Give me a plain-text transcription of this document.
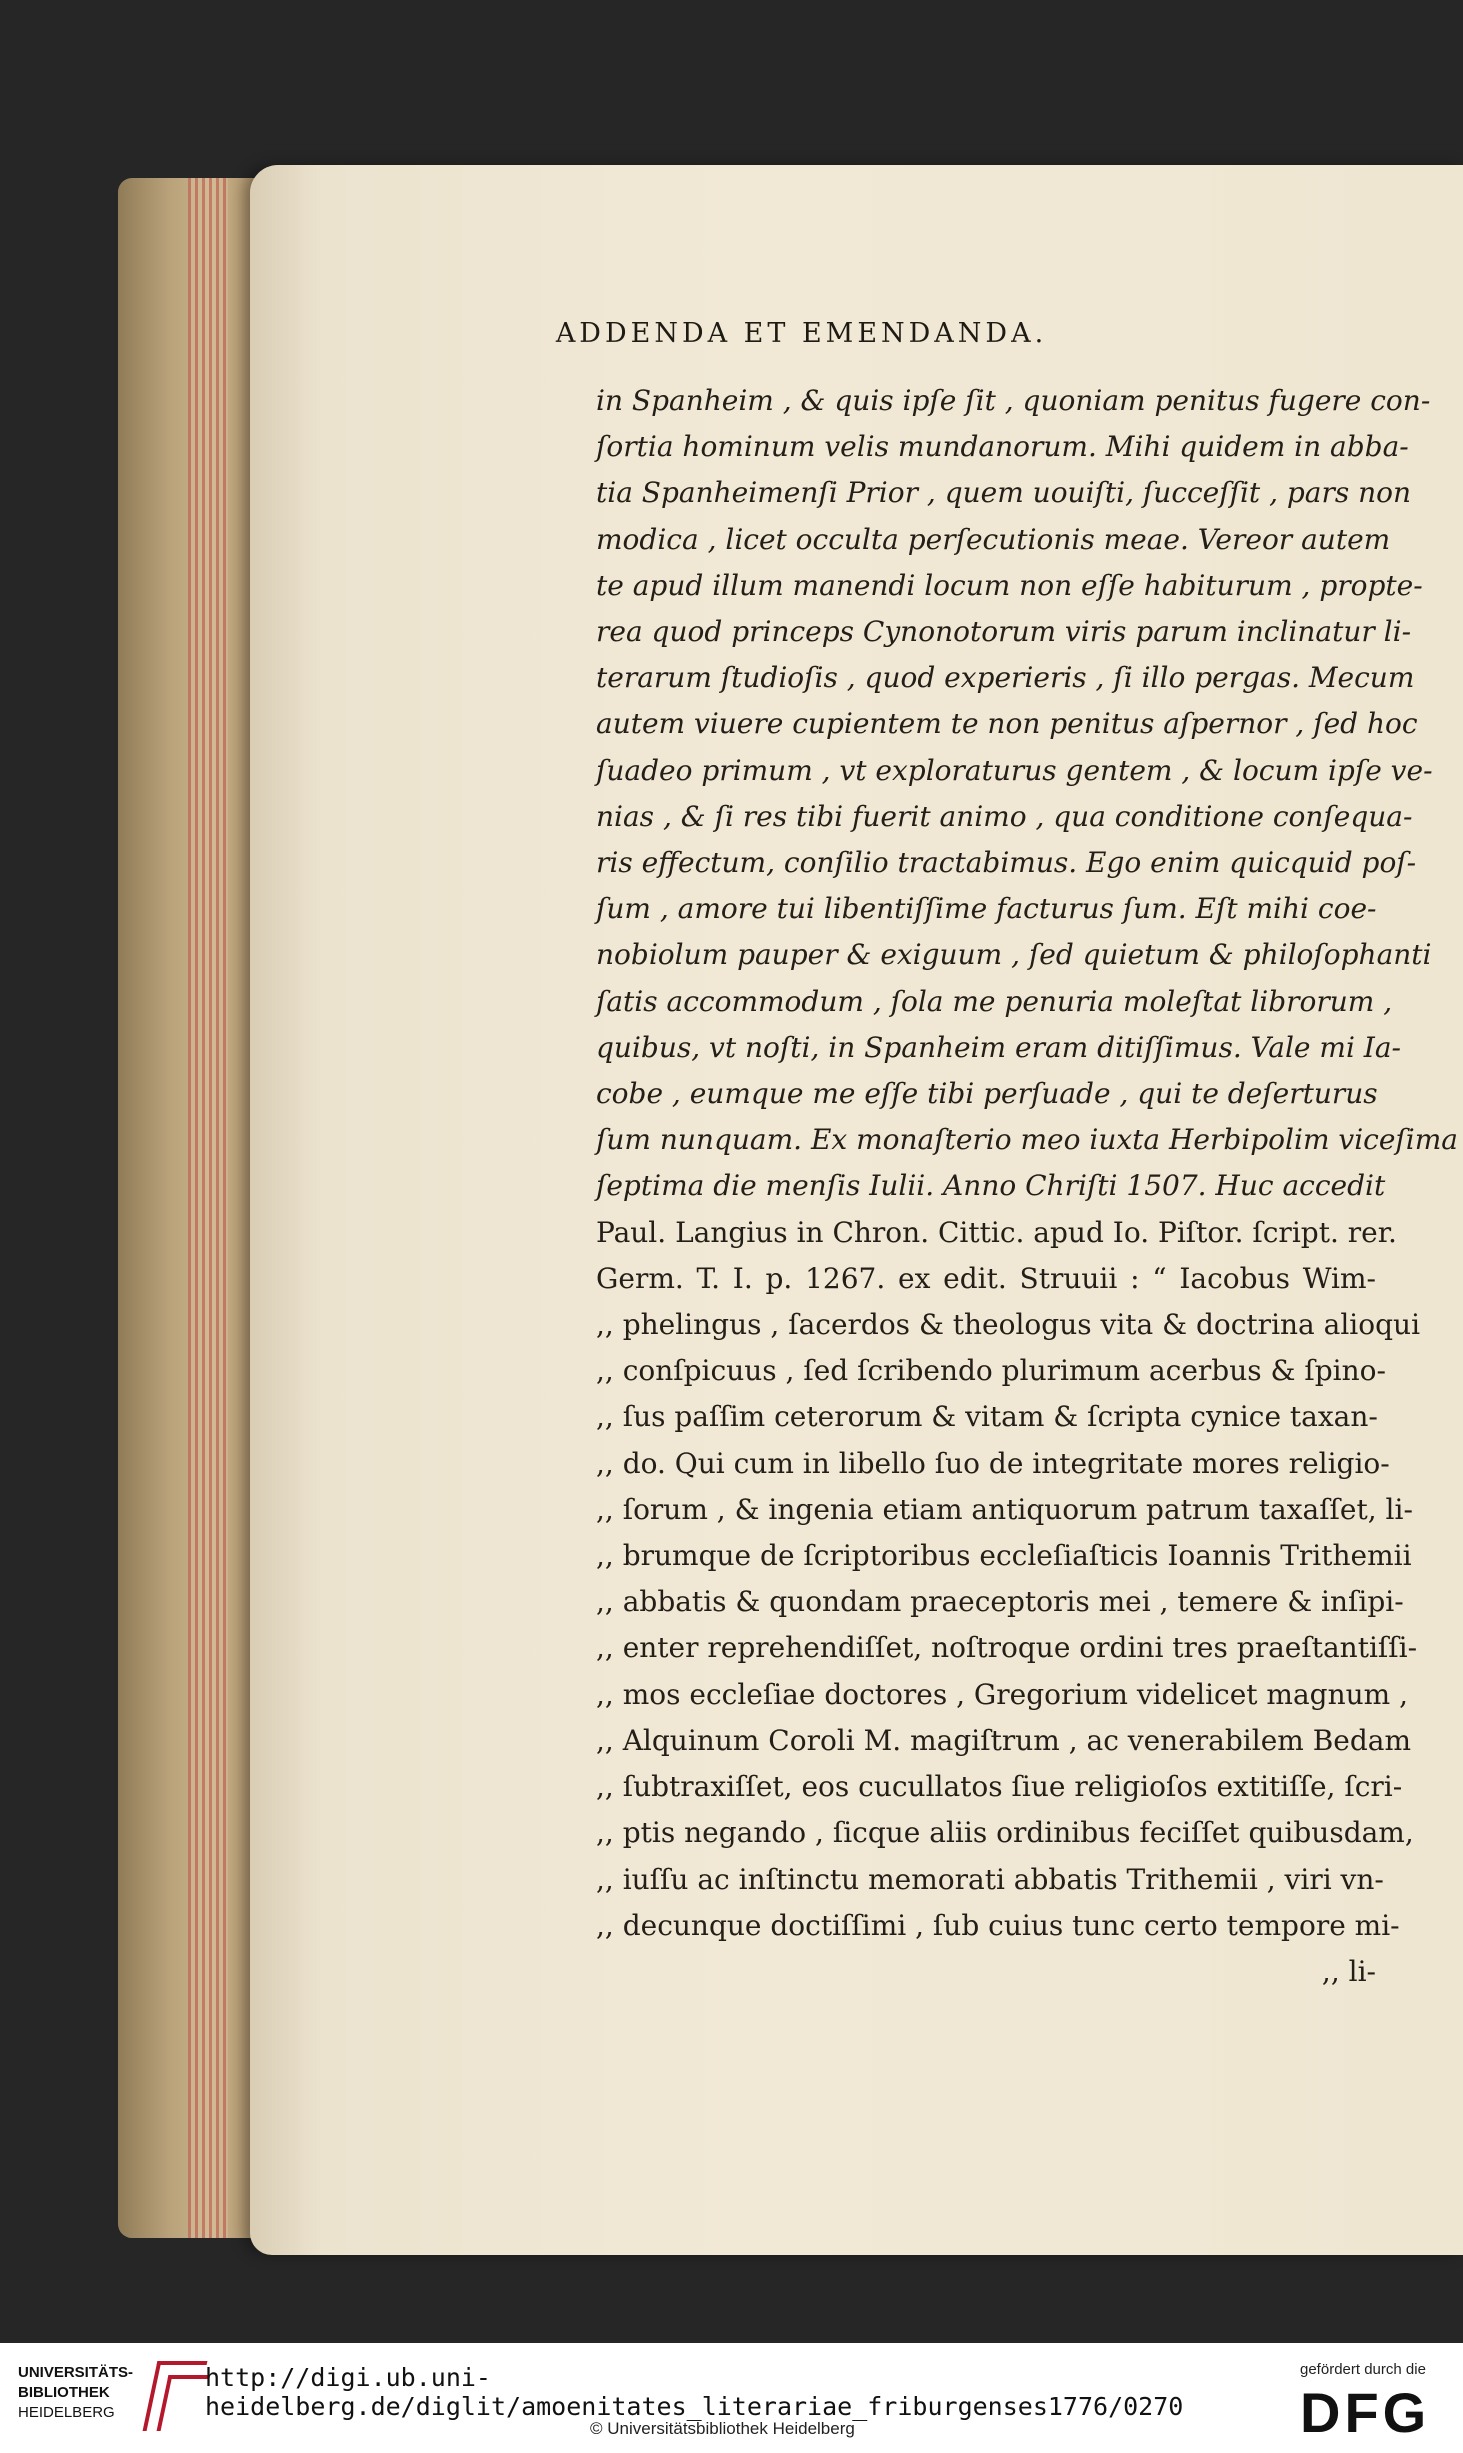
ADDENDA ET EMENDANDA.
in Spanheim , & quis ipſe ſit , quoniam penitus fugere con-
ſortia hominum velis mundanorum. Mihi quidem in abba-
tia Spanheimenſi Prior , quem uouiſti, ſucceſſit , pars non
modica , licet occulta perſecutionis meae. Vereor autem
te apud illum manendi locum non eſſe habiturum , propte-
rea quod princeps Cynonotorum viris parum inclinatur li-
terarum ſtudioſis , quod experieris , ſi illo pergas. Mecum
autem viuere cupientem te non penitus aſpernor , ſed hoc
ſuadeo primum , vt exploraturus gentem , & locum ipſe ve-
nias , & ſi res tibi fuerit animo , qua conditione conſequa-
ris effectum, conſilio tractabimus. Ego enim quicquid poſ-
ſum , amore tui libentiſſime facturus ſum. Eſt mihi coe-
nobiolum pauper & exiguum , ſed quietum & philoſophanti
ſatis accommodum , ſola me penuria moleſtat librorum ,
quibus, vt noſti, in Spanheim eram ditiſſimus. Vale mi Ia-
cobe , eumque me eſſe tibi perſuade , qui te deſerturus
ſum nunquam. Ex monaſterio meo iuxta Herbipolim viceſima
ſeptima die menſis Iulii. Anno Chriſti 1507. Huc accedit
Paul. Langius in Chron. Cittic. apud Io. Piſtor. ſcript. rer.
Germ. T. I. p. 1267. ex edit. Struuii : “ Iacobus Wim-
,, phelingus , ſacerdos & theologus vita & doctrina alioqui
,, conſpicuus , ſed ſcribendo plurimum acerbus & ſpino-
,, ſus paſſim ceterorum & vitam & ſcripta cynice taxan-
,, do. Qui cum in libello ſuo de integritate mores religio-
,, ſorum , & ingenia etiam antiquorum patrum taxaſſet, li-
,, brumque de ſcriptoribus eccleſiaſticis Ioannis Trithemii
,, abbatis & quondam praeceptoris mei , temere & inſipi-
,, enter reprehendiſſet, noſtroque ordini tres praeſtantiſſi-
,, mos eccleſiae doctores , Gregorium videlicet magnum ,
,, Alquinum Coroli M. magiſtrum , ac venerabilem Bedam
,, ſubtraxiſſet, eos cucullatos ſiue religioſos extitiſſe, ſcri-
,, ptis negando , ſicque aliis ordinibus feciſſet quibusdam,
,, iuſſu ac inſtinctu memorati abbatis Trithemii , viri vn-
,, decunque doctiſſimi , ſub cuius tunc certo tempore mi-
,, li-
UNIVERSITÄTS-
BIBLIOTHEK
HEIDELBERG
http://digi.ub.uni-heidelberg.de/diglit/amoenitates_literariae_friburgenses1776/0270
© Universitätsbibliothek Heidelberg
gefördert durch die
DFG
